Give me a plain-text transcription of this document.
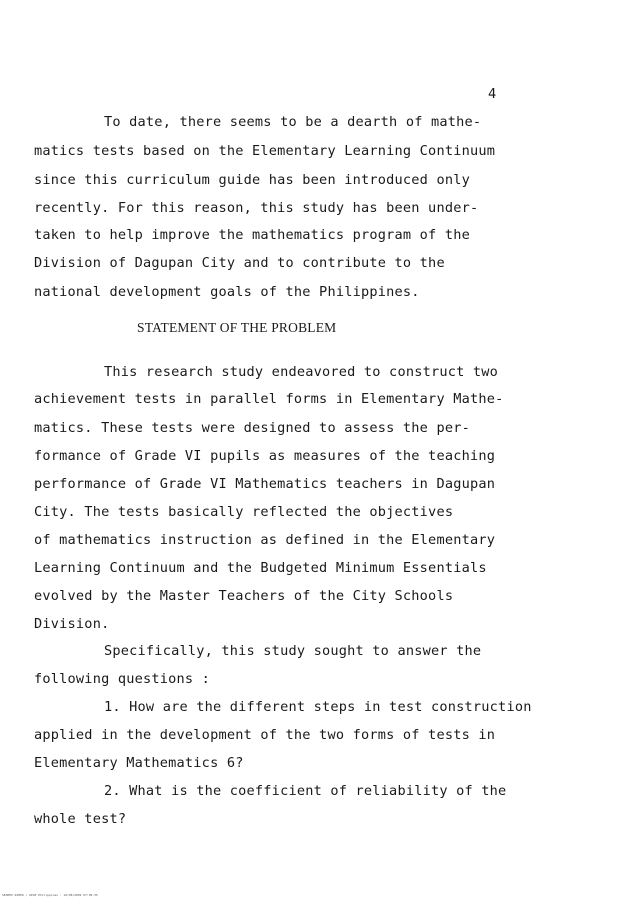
4
To date, there seems to be a dearth of mathe-
matics tests based on the Elementary Learning Continuum
since this curriculum guide has been introduced only
recently. For this reason, this study has been under-
taken to help improve the mathematics program of the
Division of Dagupan City and to contribute to the
national development goals of the Philippines.
STATEMENT OF THE PROBLEM
This research study endeavored to construct two
achievement tests in parallel forms in Elementary Mathe-
matics. These tests were designed to assess the per-
formance of Grade VI pupils as measures of the teaching
performance of Grade VI Mathematics teachers in Dagupan
City. The tests basically reflected the objectives
of mathematics instruction as defined in the Elementary
Learning Continuum and the Budgeted Minimum Essentials
evolved by the Master Teachers of the City Schools
Division.
Specifically, this study sought to answer the
following questions :
1. How are the different steps in test construction
applied in the development of the two forms of tests in
Elementary Mathematics 6?
2. What is the coefficient of reliability of the
whole test?
SEAMEO RIHED / UPLB Philippines : 10/08/2002 07:09:35
